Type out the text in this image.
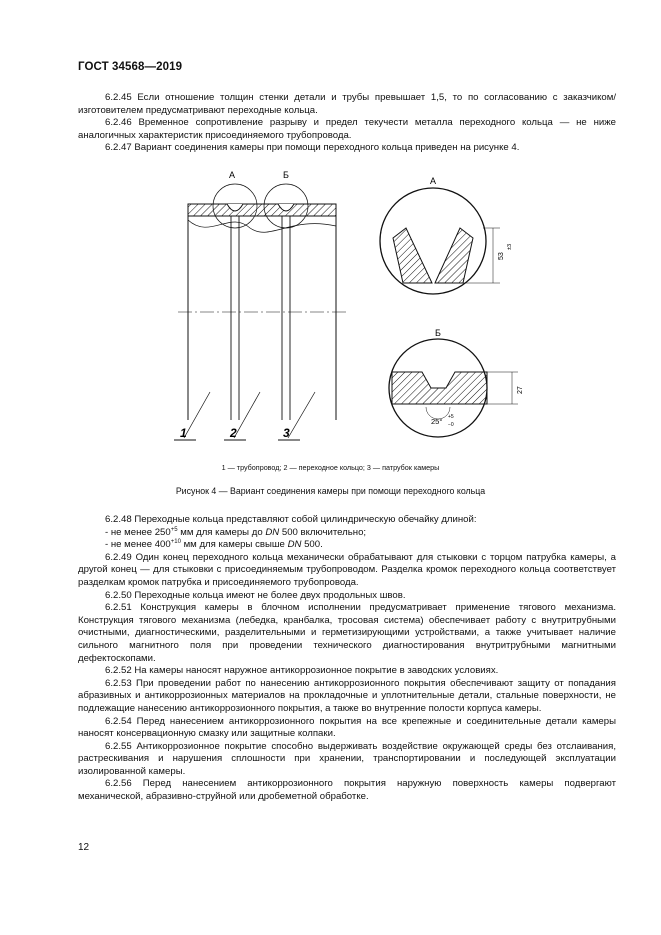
ГОСТ 34568—2019

6.2.45 Если отношение толщин стенки детали и трубы превышает 1,5, то по согласованию с заказчиком/изготовителем предусматривают переходные кольца.

6.2.46 Временное сопротивление разрыву и предел текучести металла переходного кольца — не ниже аналогичных характеристик присоединяемого трубопровода.

6.2.47 Вариант соединения камеры при помощи переходного кольца приведен на рисунке 4.

А	Б
1	2	3
А
53
±3
Б
27
25° +5
−0
1 — трубопровод; 2 — переходное кольцо; 3 — патрубок камеры
Рисунок 4 — Вариант соединения камеры при помощи переходного кольца

6.2.48 Переходные кольца представляют собой цилиндрическую обечайку длиной:

- не менее $250^{+5}$ мм для камеры до DN 500 включительно;

- не менее $400^{+10}$ мм для камеры свыше DN 500.

6.2.49 Один конец переходного кольца механически обрабатывают для стыковки с торцом патрубка камеры, а другой конец — для стыковки с присоединяемым трубопроводом. Разделка кромок переходного кольца соответствует разделкам кромок патрубка и присоединяемого трубопровода.

6.2.50 Переходные кольца имеют не более двух продольных швов.

6.2.51 Конструкция камеры в блочном исполнении предусматривает применение тягового механизма. Конструкция тягового механизма (лебедка, кранбалка, тросовая система) обеспечивает работу с внутритрубными очистными, диагностическими, разделительными и герметизирующими устройствами, а также учитывает наличие сильного магнитного поля при проведении технического диагностирования внутритрубными магнитными дефектоскопами.

6.2.52 На камеры наносят наружное антикоррозионное покрытие в заводских условиях.

6.2.53 При проведении работ по нанесению антикоррозионного покрытия обеспечивают защиту от попадания абразивных и антикоррозионных материалов на прокладочные и уплотнительные детали, стальные поверхности, не подлежащие нанесению антикоррозионного покрытия, а также во внутренние полости корпуса камеры.

6.2.54 Перед нанесением антикоррозионного покрытия на все крепежные и соединительные детали камеры наносят консервационную смазку или защитные колпаки.

6.2.55 Антикоррозионное покрытие способно выдерживать воздействие окружающей среды без отслаивания, растрескивания и нарушения сплошности при хранении, транспортировании и последующей эксплуатации изолированной камеры.

6.2.56 Перед нанесением антикоррозионного покрытия наружную поверхность камеры подвергают механической, абразивно-струйной или дробеметной обработке.

12
